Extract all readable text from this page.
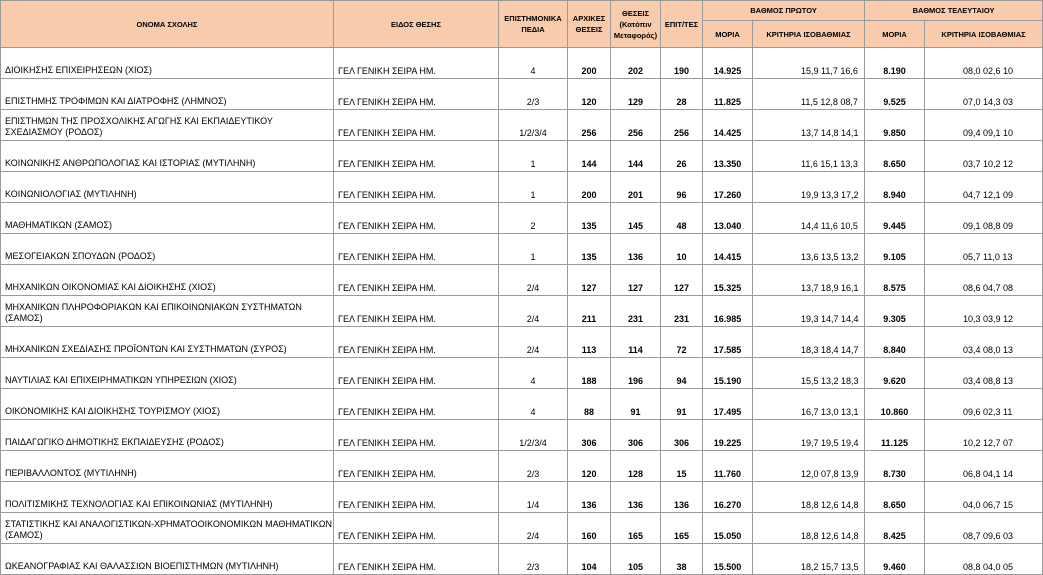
ΟΝΟΜΑ ΣΧΟΛΗΣ	ΕΙΔΟΣ ΘΕΣΗΣ	ΕΠΙΣΤΗΜΟΝΙΚΑ ΠΕΔΙΑ	ΑΡΧΙΚΕΣ ΘΕΣΕΙΣ	ΘΕΣΕΙΣ (Κατόπιν Μεταφοράς)	ΕΠΙΤ/ΤΕΣ	ΒΑΘΜΟΣ ΠΡΩΤΟΥ		ΒΑΘΜΟΣ ΤΕΛΕΥΤΑΙΟΥ	
						ΜΟΡΙΑ	ΚΡΙΤΗΡΙΑ ΙΣΟΒΑΘΜΙΑΣ	ΜΟΡΙΑ	ΚΡΙΤΗΡΙΑ ΙΣΟΒΑΘΜΙΑΣ
ΔΙΟΙΚΗΣΗΣ ΕΠΙΧΕΙΡΗΣΕΩΝ (ΧΙΟΣ)	ΓΕΛ ΓΕΝΙΚΗ ΣΕΙΡΑ ΗΜ.	4	200	202	190	14.925	15,9 11,7 16,6	8.190	08,0 02,6 10
ΕΠΙΣΤΗΜΗΣ ΤΡΟΦΙΜΩΝ ΚΑΙ ΔΙΑΤΡΟΦΗΣ (ΛΗΜΝΟΣ)	ΓΕΛ ΓΕΝΙΚΗ ΣΕΙΡΑ ΗΜ.	2/3	120	129	28	11.825	11,5 12,8 08,7	9.525	07,0 14,3 03
ΕΠΙΣΤΗΜΩΝ ΤΗΣ ΠΡΟΣΧΟΛΙΚΗΣ ΑΓΩΓΗΣ ΚΑΙ ΕΚΠΑΙΔΕΥΤΙΚΟΥ ΣΧΕΔΙΑΣΜΟΥ (ΡΟΔΟΣ)	ΓΕΛ ΓΕΝΙΚΗ ΣΕΙΡΑ ΗΜ.	1/2/3/4	256	256	256	14.425	13,7 14,8 14,1	9.850	09,4 09,1 10
ΚΟΙΝΩΝΙΚΗΣ ΑΝΘΡΩΠΟΛΟΓΙΑΣ ΚΑΙ ΙΣΤΟΡΙΑΣ (ΜΥΤΙΛΗΝΗ)	ΓΕΛ ΓΕΝΙΚΗ ΣΕΙΡΑ ΗΜ.	1	144	144	26	13.350	11,6 15,1 13,3	8.650	03,7 10,2 12
ΚΟΙΝΩΝΙΟΛΟΓΙΑΣ (ΜΥΤΙΛΗΝΗ)	ΓΕΛ ΓΕΝΙΚΗ ΣΕΙΡΑ ΗΜ.	1	200	201	96	17.260	19,9 13,3 17,2	8.940	04,7 12,1 09
ΜΑΘΗΜΑΤΙΚΩΝ (ΣΑΜΟΣ)	ΓΕΛ ΓΕΝΙΚΗ ΣΕΙΡΑ ΗΜ.	2	135	145	48	13.040	14,4 11,6 10,5	9.445	09,1 08,8 09
ΜΕΣΟΓΕΙΑΚΩΝ ΣΠΟΥΔΩΝ (ΡΟΔΟΣ)	ΓΕΛ ΓΕΝΙΚΗ ΣΕΙΡΑ ΗΜ.	1	135	136	10	14.415	13,6 13,5 13,2	9.105	05,7 11,0 13
ΜΗΧΑΝΙΚΩΝ ΟΙΚΟΝΟΜΙΑΣ ΚΑΙ ΔΙΟΙΚΗΣΗΣ (ΧΙΟΣ)	ΓΕΛ ΓΕΝΙΚΗ ΣΕΙΡΑ ΗΜ.	2/4	127	127	127	15.325	13,7 18,9 16,1	8.575	08,6 04,7 08
ΜΗΧΑΝΙΚΩΝ ΠΛΗΡΟΦΟΡΙΑΚΩΝ ΚΑΙ ΕΠΙΚΟΙΝΩΝΙΑΚΩΝ ΣΥΣΤΗΜΑΤΩΝ (ΣΑΜΟΣ)	ΓΕΛ ΓΕΝΙΚΗ ΣΕΙΡΑ ΗΜ.	2/4	211	231	231	16.985	19,3 14,7 14,4	9.305	10,3 03,9 12
ΜΗΧΑΝΙΚΩΝ ΣΧΕΔΙΑΣΗΣ ΠΡΟΪΟΝΤΩΝ ΚΑΙ ΣΥΣΤΗΜΑΤΩΝ (ΣΥΡΟΣ)	ΓΕΛ ΓΕΝΙΚΗ ΣΕΙΡΑ ΗΜ.	2/4	113	114	72	17.585	18,3 18,4 14,7	8.840	03,4 08,0 13
ΝΑΥΤΙΛΙΑΣ ΚΑΙ ΕΠΙΧΕΙΡΗΜΑΤΙΚΩΝ ΥΠΗΡΕΣΙΩΝ (ΧΙΟΣ)	ΓΕΛ ΓΕΝΙΚΗ ΣΕΙΡΑ ΗΜ.	4	188	196	94	15.190	15,5 13,2 18,3	9.620	03,4 08,8 13
ΟΙΚΟΝΟΜΙΚΗΣ ΚΑΙ ΔΙΟΙΚΗΣΗΣ ΤΟΥΡΙΣΜΟΥ (ΧΙΟΣ)	ΓΕΛ ΓΕΝΙΚΗ ΣΕΙΡΑ ΗΜ.	4	88	91	91	17.495	16,7 13,0 13,1	10.860	09,6 02,3 11
ΠΑΙΔΑΓΩΓΙΚΟ ΔΗΜΟΤΙΚΗΣ ΕΚΠΑΙΔΕΥΣΗΣ (ΡΟΔΟΣ)	ΓΕΛ ΓΕΝΙΚΗ ΣΕΙΡΑ ΗΜ.	1/2/3/4	306	306	306	19.225	19,7 19,5 19,4	11.125	10,2 12,7 07
ΠΕΡΙΒΑΛΛΟΝΤΟΣ (ΜΥΤΙΛΗΝΗ)	ΓΕΛ ΓΕΝΙΚΗ ΣΕΙΡΑ ΗΜ.	2/3	120	128	15	11.760	12,0 07,8 13,9	8.730	06,8 04,1 14
ΠΟΛΙΤΙΣΜΙΚΗΣ ΤΕΧΝΟΛΟΓΙΑΣ ΚΑΙ ΕΠΙΚΟΙΝΩΝΙΑΣ (ΜΥΤΙΛΗΝΗ)	ΓΕΛ ΓΕΝΙΚΗ ΣΕΙΡΑ ΗΜ.	1/4	136	136	136	16.270	18,8 12,6 14,8	8.650	04,0 06,7 15
ΣΤΑΤΙΣΤΙΚΗΣ ΚΑΙ ΑΝΑΛΟΓΙΣΤΙΚΩΝ-ΧΡΗΜΑΤΟΟΙΚΟΝΟΜΙΚΩΝ ΜΑΘΗΜΑΤΙΚΩΝ (ΣΑΜΟΣ)	ΓΕΛ ΓΕΝΙΚΗ ΣΕΙΡΑ ΗΜ.	2/4	160	165	165	15.050	18,8 12,6 14,8	8.425	08,7 09,6 03
ΩΚΕΑΝΟΓΡΑΦΙΑΣ ΚΑΙ ΘΑΛΑΣΣΙΩΝ ΒΙΟΕΠΙΣΤΗΜΩΝ (ΜΥΤΙΛΗΝΗ)	ΓΕΛ ΓΕΝΙΚΗ ΣΕΙΡΑ ΗΜ.	2/3	104	105	38	15.500	18,2 15,7 13,5	9.460	08,8 04,0 05
